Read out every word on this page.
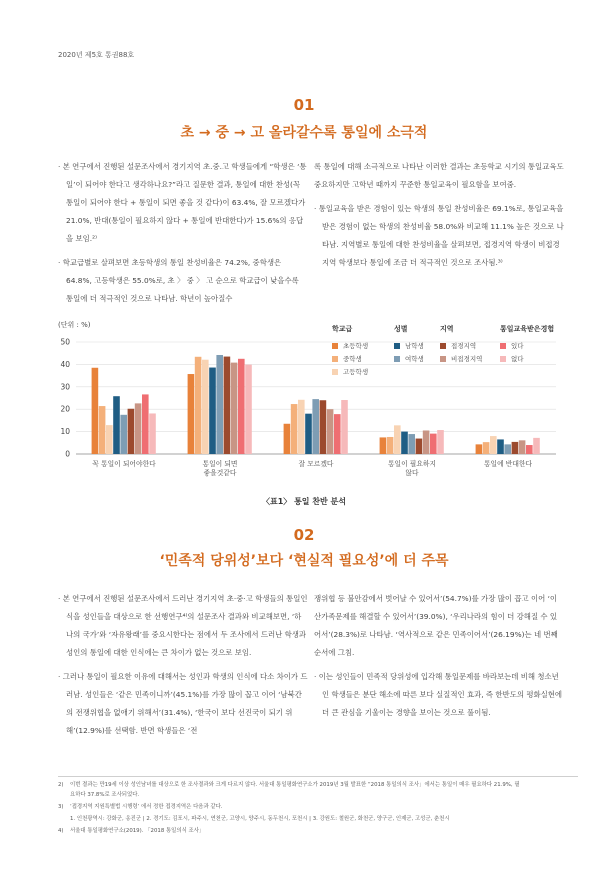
2020년 제5호 통권88호
01
초 → 중 → 고 올라갈수록 통일에 소극적

· 본 연구에서 진행된 설문조사에서 경기지역 초.중.고 학생들에게 “학생은 ‘통일’이 되어야 한다고 생각하나요?”라고 질문한 결과, 통일에 대한 찬성(꼭 통일이 되어야 한다 + 통일이 되면 좋을 것 같다)이 63.4%, 잘 모르겠다가 21.0%, 반대(통일이 필요하지 않다 + 통일에 반대한다)가 15.6%의 응답을 보임.²⁾

· 학교급별로 살펴보면 초등학생의 통일 찬성비율은 74.2%, 중학생은 64.8%, 고등학생은 55.0%로, 초 〉 중 〉 고 순으로 학교급이 낮을수록 통일에 더 적극적인 것으로 나타남. 학년이 높아질수

록 통일에 대해 소극적으로 나타난 이러한 결과는 초등학교 시기의 통일교육도 중요하지만 고학년 때까지 꾸준한 통일교육이 필요함을 보여줌.

· 통일교육을 받은 경험이 있는 학생의 통일 찬성비율은 69.1%로, 통일교육을 받은 경험이 없는 학생의 찬성비율 58.0%와 비교해 11.1% 높은 것으로 나타남. 지역별로 통일에 대한 찬성비율을 살펴보면, 접경지역 학생이 비접경지역 학생보다 통일에 조금 더 적극적인 것으로 조사됨.³⁾

(단위 : %)
0
10
20
30
40
50
꼭 통일이 되어야한다	통일이 되면
좋을것같다
잘 모르겠다	통일이 필요하지
않다
통일에 반대한다
학교급
초등학생
중학생
고등학생
성별
남학생
여학생
지역
접경지역
비접경지역
통일교육받은경험
있다
없다
〈표1〉 통일 찬반 분석
02
‘민족적 당위성’보다 ‘현실적 필요성’에 더 주목

· 본 연구에서 진행된 설문조사에서 드러난 경기지역 초·중·고 학생들의 통일인식을 성인들을 대상으로 한 선행연구⁴⁾의 설문조사 결과와 비교해보면, ‘하나의 국가’와 ‘자유왕래’를 중요시한다는 점에서 두 조사에서 드러난 학생과 성인의 통일에 대한 인식에는 큰 차이가 없는 것으로 보임.

· 그러나 통일이 필요한 이유에 대해서는 성인과 학생의 인식에 다소 차이가 드러남. 성인들은 ‘같은 민족이니까’(45.1%)를 가장 많이 꼽고 이어 ‘남북간의 전쟁위협을 없애기 위해서’(31.4%), ‘한국이 보다 선진국이 되기 위해’(12.9%)를 선택함. 반면 학생들은 ‘전

쟁위협 등 불안감에서 벗어날 수 있어서’(54.7%)를 가장 많이 꼽고 이어 ‘이산가족문제를 해결할 수 있어서’(39.0%), ‘우리나라의 힘이 더 강해질 수 있어서’(28.3%)로 나타남. ‘역사적으로 같은 민족이어서’(26.19%)는 네 번째 순서에 그침.

· 이는 성인들이 민족적 당위성에 입각해 통일문제를 바라보는데 비해 청소년인 학생들은 분단 해소에 따른 보다 실질적인 효과, 즉 한반도의 평화실현에 더 큰 관심을 기울이는 경향을 보이는 것으로 풀이됨.

2) 이번 결과는 만19세 이상 성인남녀를 대상으로 한 조사결과와 크게 다르지 않다. 서울대 통일평화연구소가 2019년 3월 발표한 “2018 통일의식 조사」에서는 통일이 매우 필요하다 21.9%, 필
요하다 37.8%로 조사되었다.
3) ‘접경지역 지원특별법 시행령’ 에서 정한 접경지역은 다음과 같다.
1. 인천광역시: 강화군, 옹진군 | 2. 경기도: 김포시, 파주시, 연천군, 고양시, 양주시, 동두천시, 포천시 | 3. 강원도: 철원군, 화천군, 양구군, 인제군, 고성군, 춘천시
4) 서울대 통일평화연구소(2019). 「2018 통일의식 조사」
